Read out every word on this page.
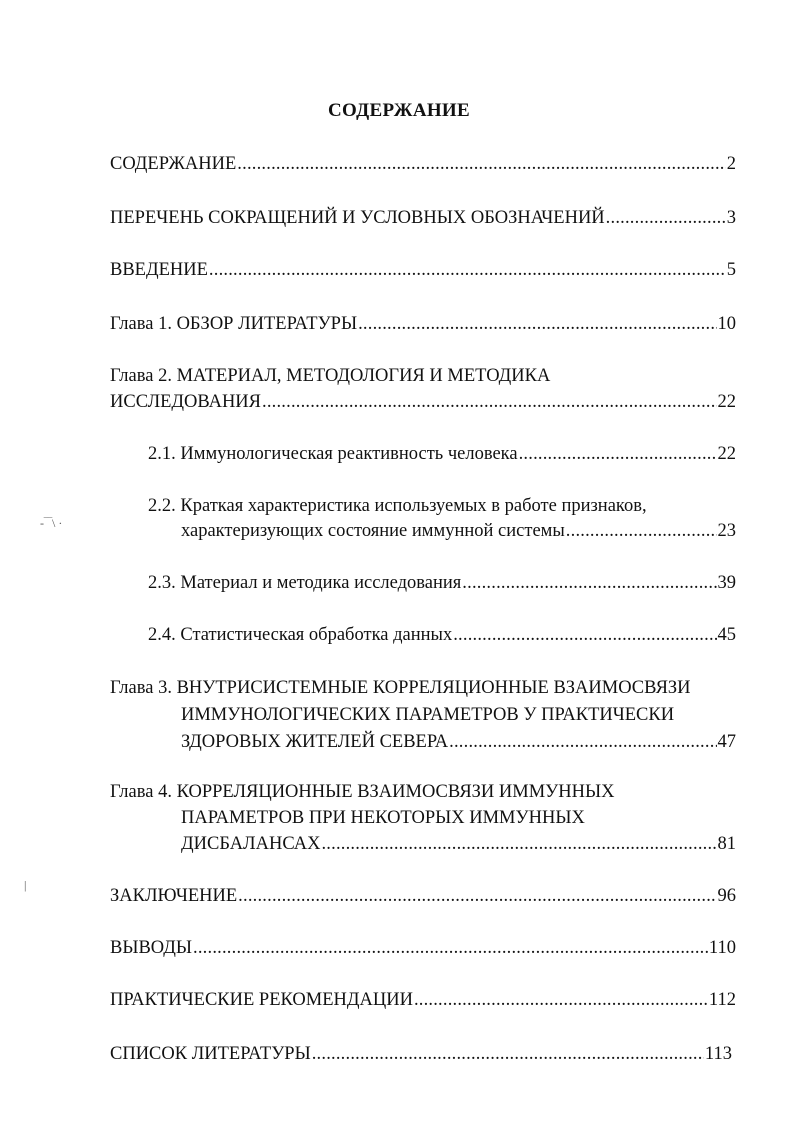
СОДЕРЖАНИЕ
-‾‾\ ·
|
СОДЕРЖАНИЕ .....	2
ПЕРЕЧЕНЬ СОКРАЩЕНИЙ И УСЛОВНЫХ ОБОЗНАЧЕНИЙ .....	3
ВВЕДЕНИЕ .....	5
Глава 1. ОБЗОР ЛИТЕРАТУРЫ .....	10
Глава 2. МАТЕРИАЛ, МЕТОДОЛОГИЯ И МЕТОДИКА
ИССЛЕДОВАНИЯ .....	22
2.1. Иммунологическая реактивность человека .....	22
2.2. Краткая характеристика используемых в работе признаков,
характеризующих состояние иммунной системы .....	23
2.3. Материал и методика исследования .....	39
2.4. Статистическая обработка данных .....	45
Глава 3. ВНУТРИСИСТЕМНЫЕ КОРРЕЛЯЦИОННЫЕ ВЗАИМОСВЯЗИ
ИММУНОЛОГИЧЕСКИХ ПАРАМЕТРОВ У ПРАКТИЧЕСКИ
ЗДОРОВЫХ ЖИТЕЛЕЙ СЕВЕРА .....	47
Глава 4. КОРРЕЛЯЦИОННЫЕ ВЗАИМОСВЯЗИ ИММУННЫХ
ПАРАМЕТРОВ ПРИ НЕКОТОРЫХ ИММУННЫХ
ДИСБАЛАНСАХ .....	81
ЗАКЛЮЧЕНИЕ .....	96
ВЫВОДЫ .....	110
ПРАКТИЧЕСКИЕ РЕКОМЕНДАЦИИ .....	112
СПИСОК ЛИТЕРАТУРЫ .....	113
